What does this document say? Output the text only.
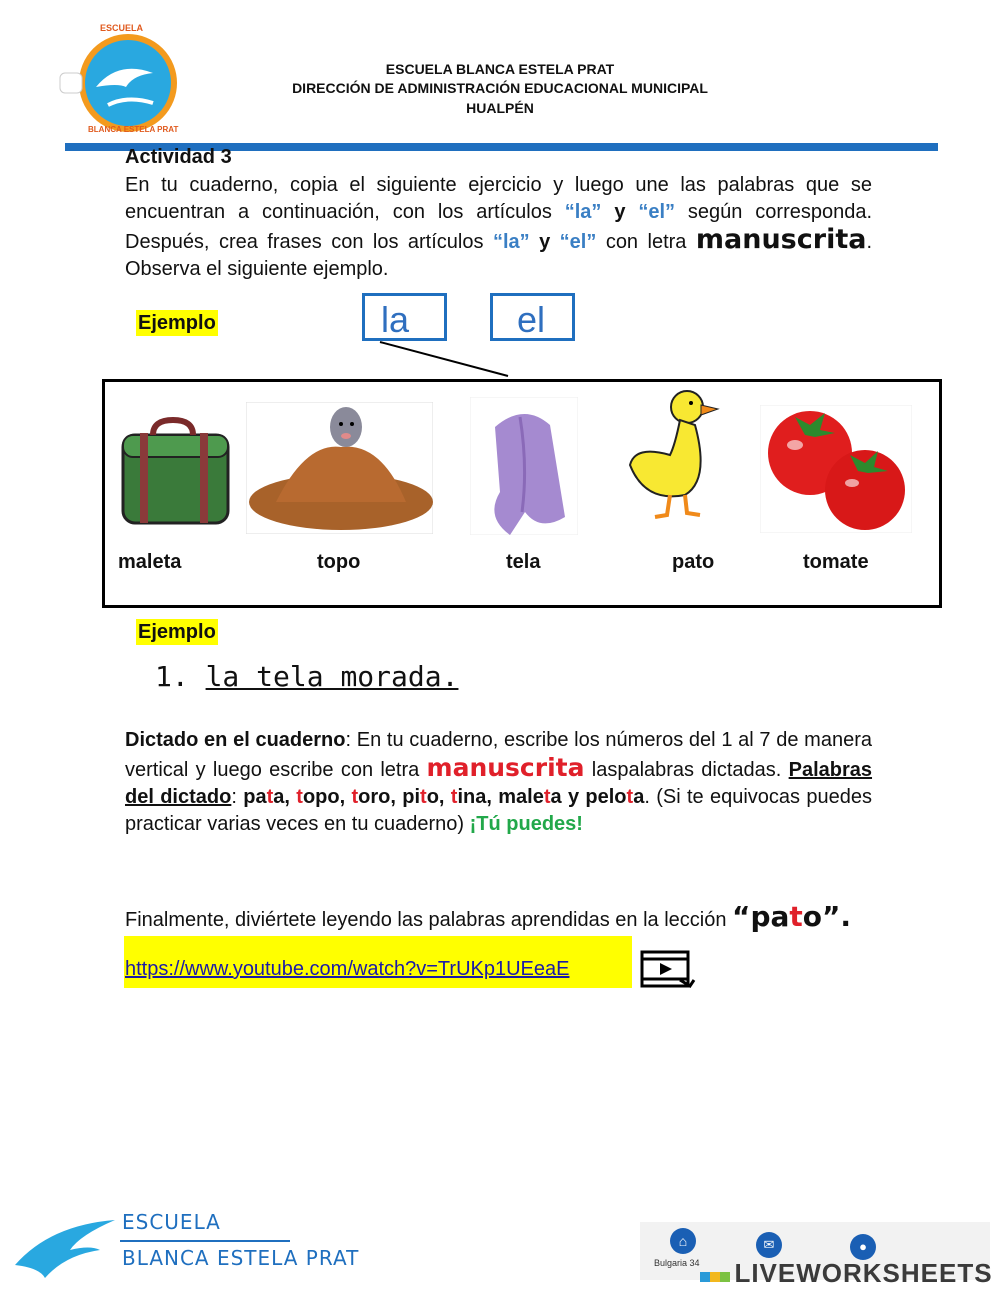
ESCUELA
BLANCA ESTELA PRAT
ESCUELA BLANCA ESTELA PRAT
DIRECCIÓN DE ADMINISTRACIÓN EDUCACIONAL MUNICIPAL
HUALPÉN
Actividad 3
En tu cuaderno, copia el siguiente ejercicio y luego une las palabras que se encuentran a continuación, con los artículos “la” y “el” según corresponda. Después, crea frases con los artículos “la” y “el” con letra manuscrita. Observa el siguiente ejemplo.
Ejemplo	la	el
maleta	topo	tela	pato	tomate
Ejemplo
1. la tela morada.
Dictado en el cuaderno: En tu cuaderno, escribe los números del 1 al 7 de manera vertical y luego escribe con letra manuscrita laspalabras dictadas. Palabras del dictado: pata, topo, toro, pito, tina, maleta y pelota. (Si te equivocas puedes practicar varias veces en tu cuaderno) ¡Tú puedes!
Finalmente, diviértete leyendo las palabras aprendidas en la lección “pato”.
https://www.youtube.com/watch?v=TrUKp1UEeaE
ESCUELA
BLANCA ESTELA PRAT
⌂	✉	●
Bulgaria 34	LIVEWORKSHEETS
